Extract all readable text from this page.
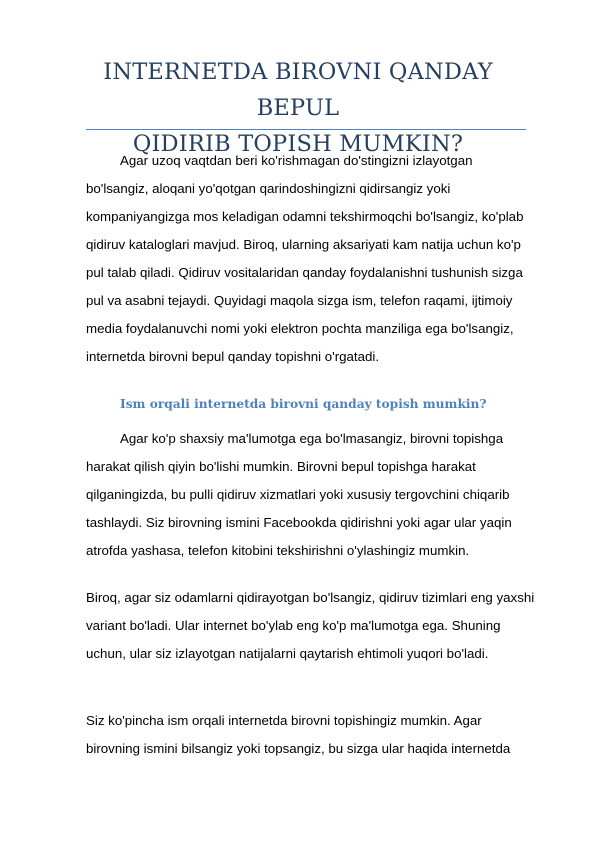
INTERNETDA BIROVNI QANDAY BEPUL
QIDIRIB TOPISH MUMKIN?

Agar uzoq vaqtdan beri ko'rishmagan do'stingizni izlayotgan bo'lsangiz, aloqani yo'qotgan qarindoshingizni qidirsangiz yoki kompaniyangizga mos keladigan odamni tekshirmoqchi bo'lsangiz, ko'plab qidiruv kataloglari mavjud. Biroq, ularning aksariyati kam natija uchun ko'p pul talab qiladi. Qidiruv vositalaridan qanday foydalanishni tushunish sizga pul va asabni tejaydi. Quyidagi maqola sizga ism, telefon raqami, ijtimoiy media foydalanuvchi nomi yoki elektron pochta manziliga ega bo'lsangiz, internetda birovni bepul qanday topishni o'rgatadi.

Ism orqali internetda birovni qanday topish mumkin?

Agar ko'p shaxsiy ma'lumotga ega bo'lmasangiz, birovni topishga harakat qilish qiyin bo'lishi mumkin. Birovni bepul topishga harakat qilganingizda, bu pulli qidiruv xizmatlari yoki xususiy tergovchini chiqarib tashlaydi. Siz birovning ismini Facebookda qidirishni yoki agar ular yaqin atrofda yashasa, telefon kitobini tekshirishni o'ylashingiz mumkin.

Biroq, agar siz odamlarni qidirayotgan bo'lsangiz, qidiruv tizimlari eng yaxshi variant bo'ladi. Ular internet bo'ylab eng ko'p ma'lumotga ega. Shuning uchun, ular siz izlayotgan natijalarni qaytarish ehtimoli yuqori bo'ladi.

Siz ko'pincha ism orqali internetda birovni topishingiz mumkin. Agar birovning ismini bilsangiz yoki topsangiz, bu sizga ular haqida internetda
